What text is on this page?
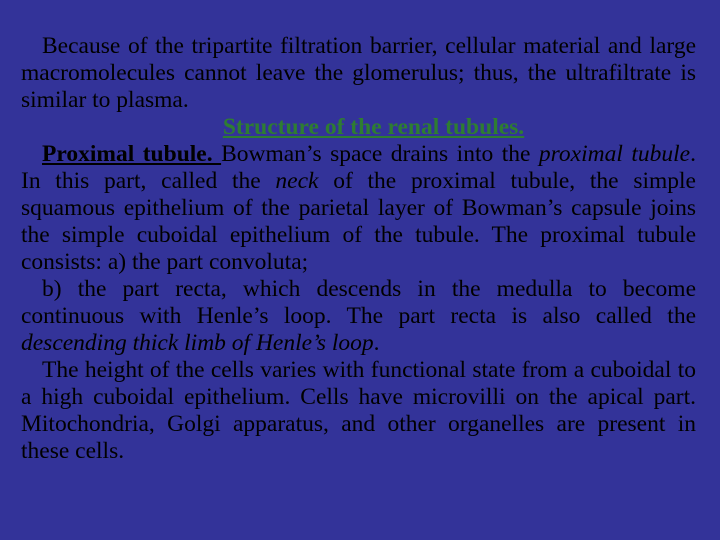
Because of the tripartite filtration barrier, cellular material and large macromolecules cannot leave the glomerulus; thus, the ultrafiltrate is similar to plasma.

Structure of the renal tubules.

Proximal tubule. Bowman’s space drains into the proximal tubule. In this part, called the neck of the proximal tubule, the simple squamous epithelium of the parietal layer of Bowman’s capsule joins the simple cuboidal epithelium of the tubule. The proximal tubule consists: a) the part convoluta;

b) the part recta, which descends in the medulla to become continuous with Henle’s loop. The part recta is also called the descending thick limb of Henle’s loop.

The height of the cells varies with functional state from a cuboidal to a high cuboidal epithelium. Cells have microvilli on the apical part. Mitochondria, Golgi apparatus, and other organelles are present in these cells.
